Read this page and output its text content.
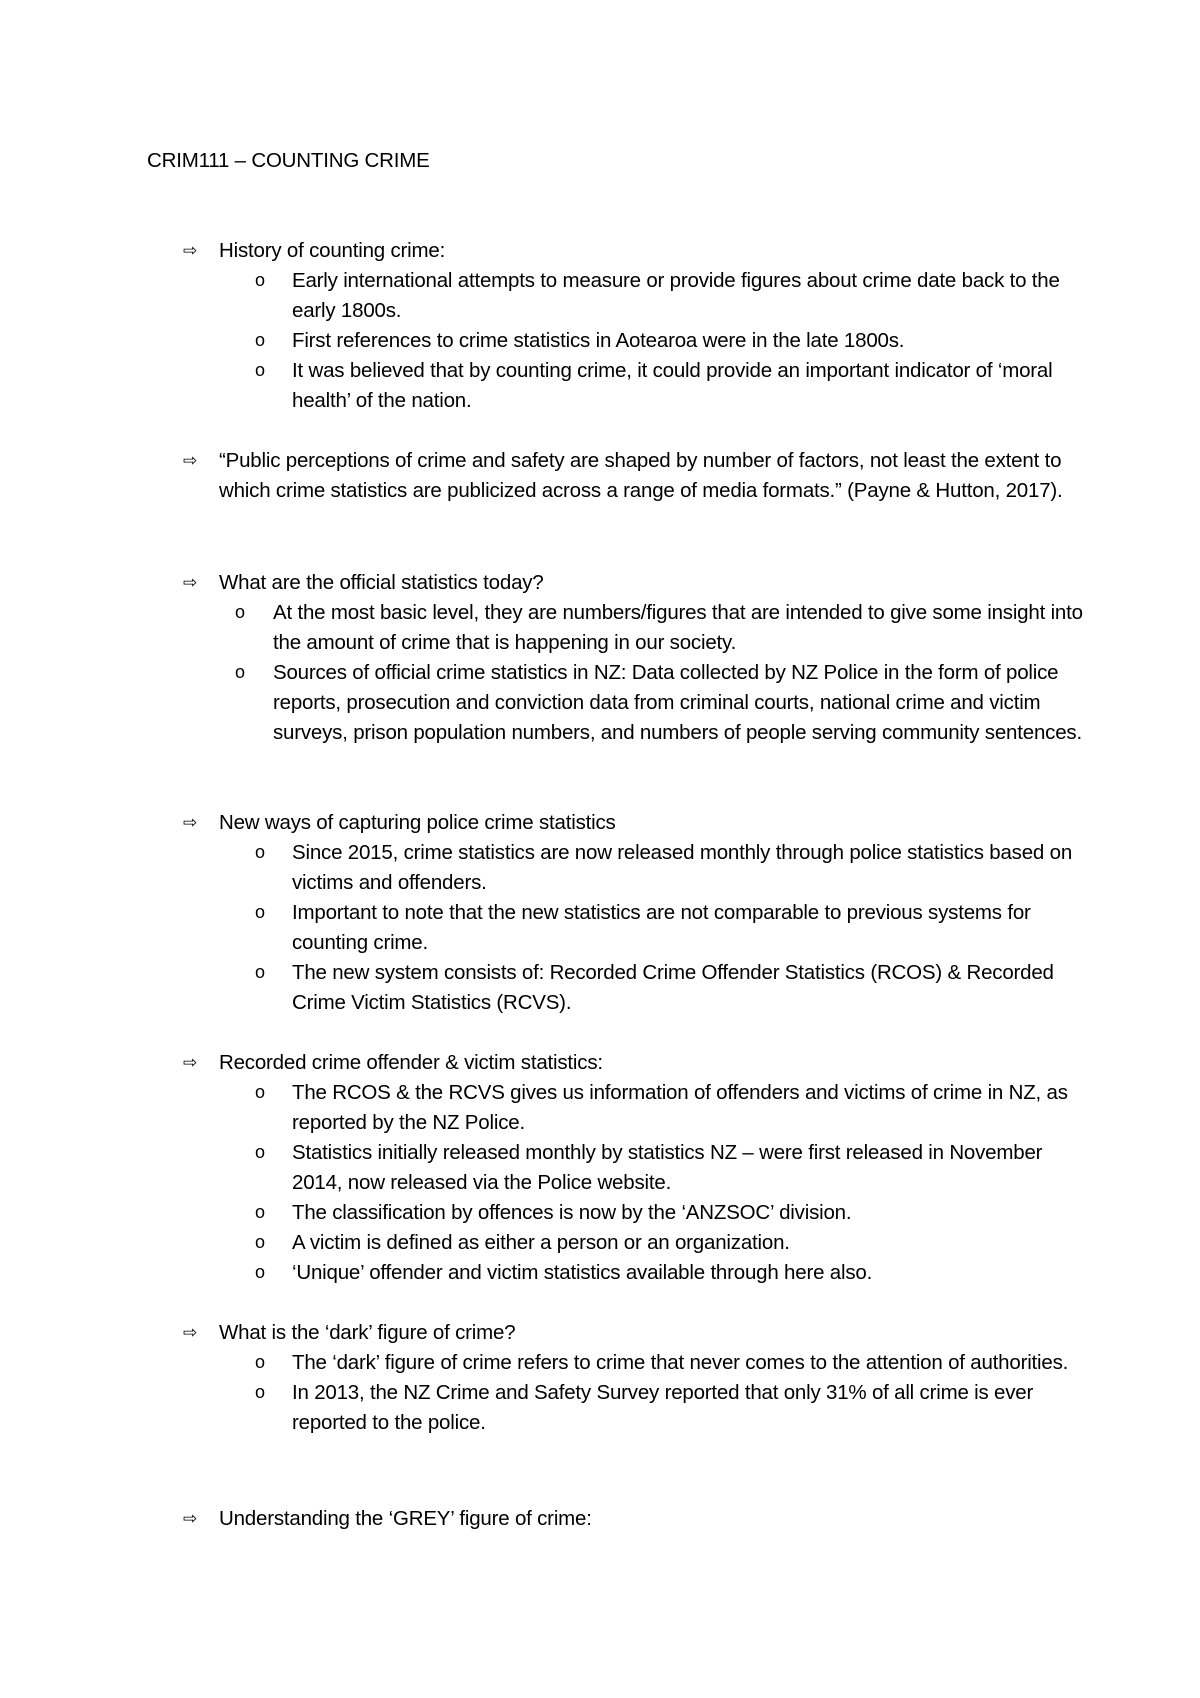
CRIM111 – COUNTING CRIME
⇨	History of counting crime:
o Early international attempts to measure or provide figures about crime date back to the early 1800s.
o First references to crime statistics in Aotearoa were in the late 1800s.
o It was believed that by counting crime, it could provide an important indicator of ‘moral health’ of the nation.
⇨	“Public perceptions of crime and safety are shaped by number of factors, not least the extent to which crime statistics are publicized across a range of media formats.” (Payne & Hutton, 2017).
⇨	What are the official statistics today?
o At the most basic level, they are numbers/figures that are intended to give some insight into the amount of crime that is happening in our society.
o Sources of official crime statistics in NZ: Data collected by NZ Police in the form of police reports, prosecution and conviction data from criminal courts, national crime and victim surveys, prison population numbers, and numbers of people serving community sentences.
⇨	New ways of capturing police crime statistics
o Since 2015, crime statistics are now released monthly through police statistics based on victims and offenders.
o Important to note that the new statistics are not comparable to previous systems for counting crime.
o The new system consists of: Recorded Crime Offender Statistics (RCOS) & Recorded Crime Victim Statistics (RCVS).
⇨	Recorded crime offender & victim statistics:
o The RCOS & the RCVS gives us information of offenders and victims of crime in NZ, as reported by the NZ Police.
o Statistics initially released monthly by statistics NZ – were first released in November 2014, now released via the Police website.
o The classification by offences is now by the ‘ANZSOC’ division.
o A victim is defined as either a person or an organization.
o ‘Unique’ offender and victim statistics available through here also.
⇨	What is the ‘dark’ figure of crime?
o The ‘dark’ figure of crime refers to crime that never comes to the attention of authorities.
o In 2013, the NZ Crime and Safety Survey reported that only 31% of all crime is ever reported to the police.
⇨	Understanding the ‘GREY’ figure of crime:
